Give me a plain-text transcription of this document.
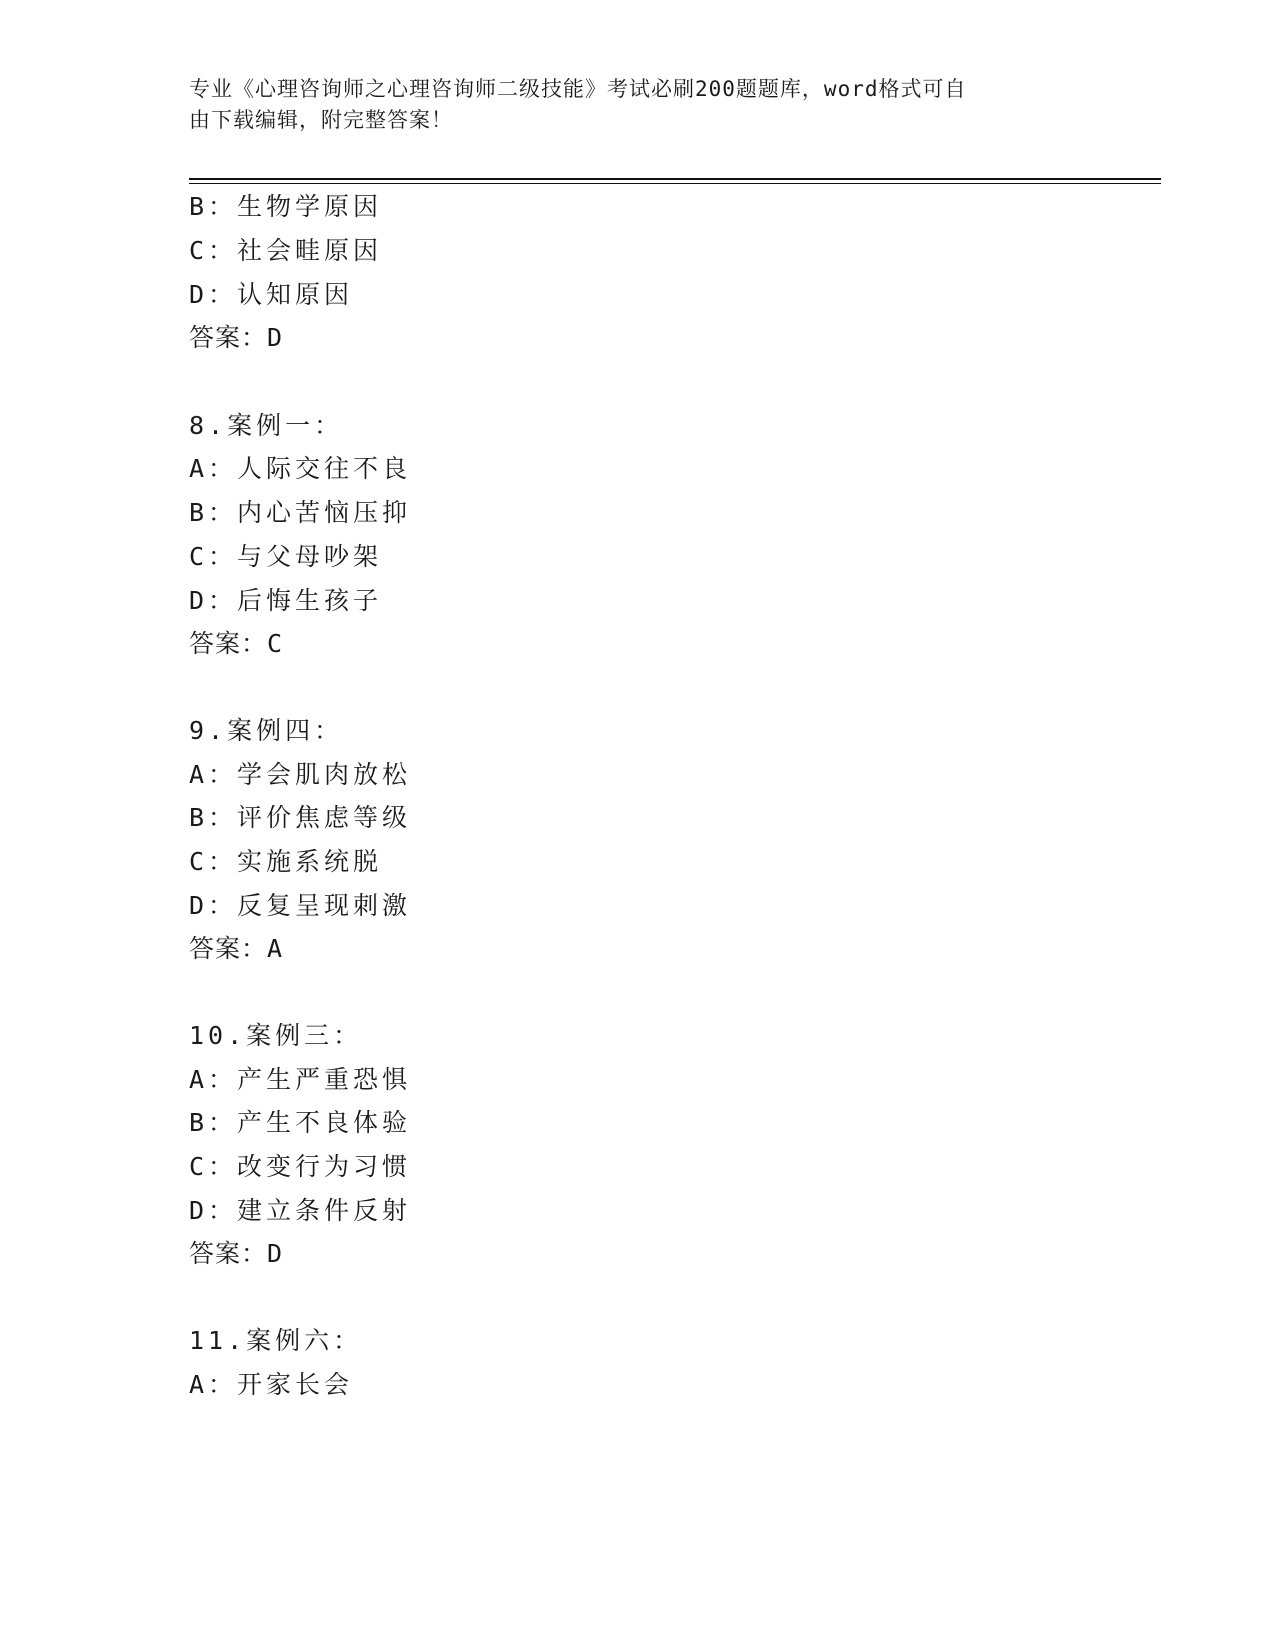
专业《心理咨询师之心理咨询师二级技能》考试必刷200题题库，word格式可自
由下载编辑，附完整答案！
B：生物学原因
C：社会畦原因
D：认知原因
答案：D
8.案例一：
A：人际交往不良
B：内心苦恼压抑
C：与父母吵架
D：后悔生孩子
答案：C
9.案例四：
A：学会肌肉放松
B：评价焦虑等级
C：实施系统脱
D：反复呈现刺激
答案：A
10.案例三：
A：产生严重恐惧
B：产生不良体验
C：改变行为习惯
D：建立条件反射
答案：D
11.案例六：
A：开家长会
